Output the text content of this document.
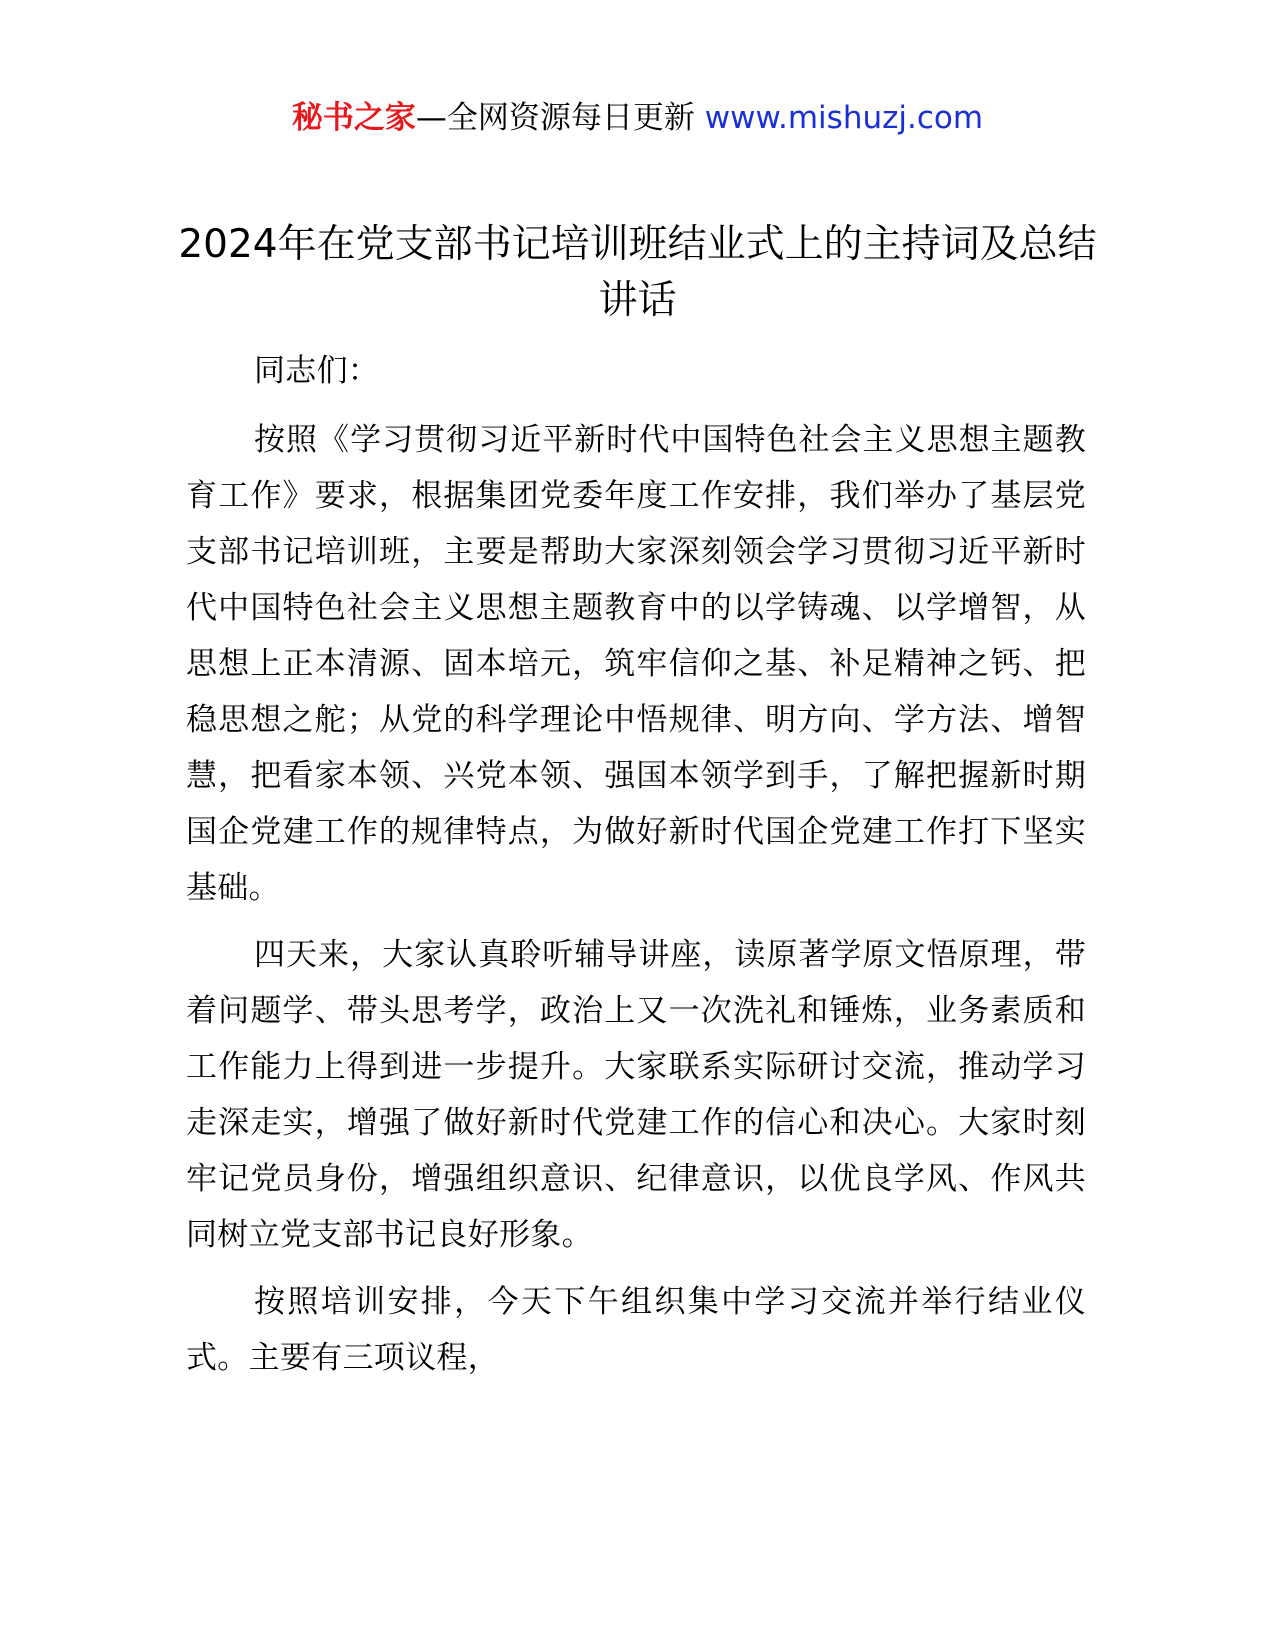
秘书之家—全网资源每日更新 www.mishuzj.com
2024年在党支部书记培训班结业式上的主持词及总结讲话

同志们：

按照《学习贯彻习近平新时代中国特色社会主义思想主题教育工作》要求，根据集团党委年度工作安排，我们举办了基层党支部书记培训班，主要是帮助大家深刻领会学习贯彻习近平新时代中国特色社会主义思想主题教育中的以学铸魂、以学增智，从思想上正本清源、固本培元，筑牢信仰之基、补足精神之钙、把稳思想之舵；从党的科学理论中悟规律、明方向、学方法、增智慧，把看家本领、兴党本领、强国本领学到手，了解把握新时期国企党建工作的规律特点，为做好新时代国企党建工作打下坚实基础。

四天来，大家认真聆听辅导讲座，读原著学原文悟原理，带着问题学、带头思考学，政治上又一次洗礼和锤炼，业务素质和工作能力上得到进一步提升。大家联系实际研讨交流，推动学习走深走实，增强了做好新时代党建工作的信心和决心。大家时刻牢记党员身份，增强组织意识、纪律意识，以优良学风、作风共同树立党支部书记良好形象。

按照培训安排，今天下午组织集中学习交流并举行结业仪式。主要有三项议程，
